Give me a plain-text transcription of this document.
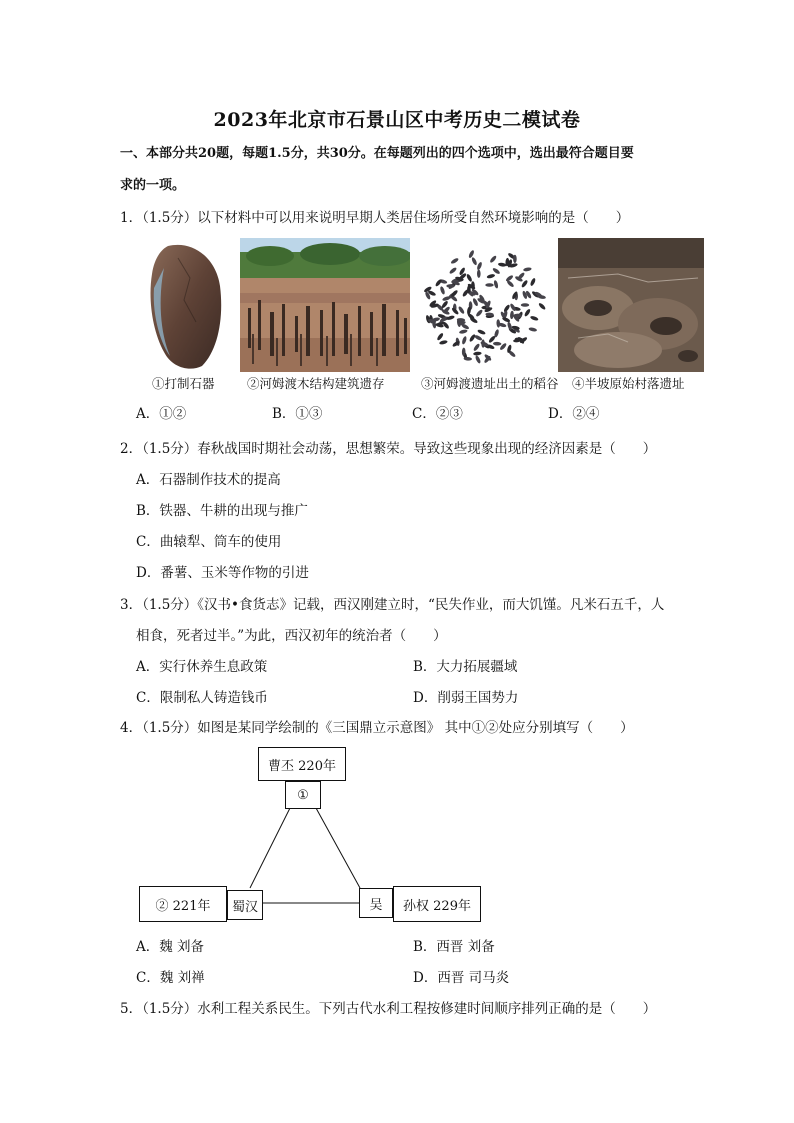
2023年北京市石景山区中考历史二模试卷
一、本部分共20题，每题1.5分，共30分。在每题列出的四个选项中，选出最符合题目要
求的一项。
1．（1.5分）以下材料中可以用来说明早期人类居住场所受自然环境影响的是（　　）
①打制石器	②河姆渡木结构建筑遗存	③河姆渡遗址出土的稻谷 ④半坡原始村落遗址
A．①②	B．①③	C．②③	D．②④
2．（1.5分）春秋战国时期社会动荡，思想繁荣。导致这些现象出现的经济因素是（　　）
A．石器制作技术的提高
B．铁器、牛耕的出现与推广
C．曲辕犁、筒车的使用
D．番薯、玉米等作物的引进
3．（1.5分）《汉书•食货志》记载，西汉刚建立时，“民失作业，而大饥馑。凡米石五千，人
相食，死者过半。”为此，西汉初年的统治者（　　）
A．实行休养生息政策	B．大力拓展疆域
C．限制私人铸造钱币	D．削弱王国势力
4．（1.5分）如图是某同学绘制的《三国鼎立示意图》 其中①②处应分别填写（　　）
曹丕 220年
①
② 221年	蜀汉	吴	孙权 229年
A．魏 刘备	B．西晋 刘备
C．魏 刘禅	D．西晋 司马炎
5．（1.5分）水利工程关系民生。下列古代水利工程按修建时间顺序排列正确的是（　　）
